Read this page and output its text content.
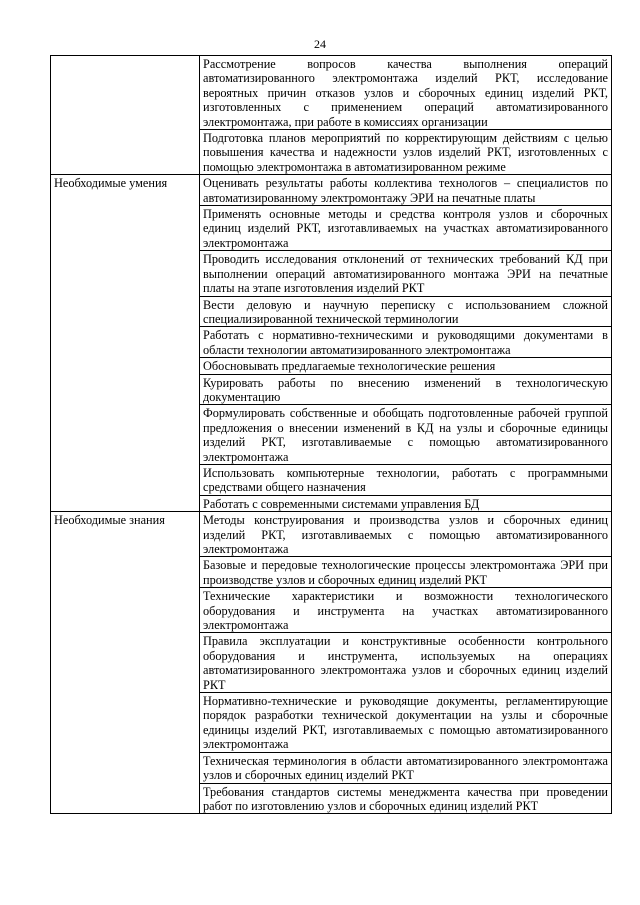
24
	Рассмотрение вопросов качества выполнения операций автоматизированного электромонтажа изделий РКТ, исследование вероятных причин отказов узлов и сборочных единиц изделий РКТ, изготовленных с применением операций автоматизированного электромонтажа, при работе в комиссиях организации
	Подготовка планов мероприятий по корректирующим действиям с целью повышения качества и надежности узлов изделий РКТ, изготовленных с помощью электромонтажа в автоматизированном режиме
Необходимые умения	Оценивать результаты работы коллектива технологов – специалистов по автоматизированному электромонтажу ЭРИ на печатные платы
	Применять основные методы и средства контроля узлов и сборочных единиц изделий РКТ, изготавливаемых на участках автоматизированного электромонтажа
	Проводить исследования отклонений от технических требований КД при выполнении операций автоматизированного монтажа ЭРИ на печатные платы на этапе изготовления изделий РКТ
	Вести деловую и научную переписку с использованием сложной специализированной технической терминологии
	Работать с нормативно-техническими и руководящими документами в области технологии автоматизированного электромонтажа
	Обосновывать предлагаемые технологические решения
	Курировать работы по внесению изменений в технологическую документацию
	Формулировать собственные и обобщать подготовленные рабочей группой предложения о внесении изменений в КД на узлы и сборочные единицы изделий РКТ, изготавливаемые с помощью автоматизированного электромонтажа
	Использовать компьютерные технологии, работать с программными средствами общего назначения
	Работать с современными системами управления БД
Необходимые знания	Методы конструирования и производства узлов и сборочных единиц изделий РКТ, изготавливаемых с помощью автоматизированного электромонтажа
	Базовые и передовые технологические процессы электромонтажа ЭРИ при производстве узлов и сборочных единиц изделий РКТ
	Технические характеристики и возможности технологического оборудования и инструмента на участках автоматизированного электромонтажа
	Правила эксплуатации и конструктивные особенности контрольного оборудования и инструмента, используемых на операциях автоматизированного электромонтажа узлов и сборочных единиц изделий РКТ
	Нормативно-технические и руководящие документы, регламентирующие порядок разработки технической документации на узлы и сборочные единицы изделий РКТ, изготавливаемых с помощью автоматизированного электромонтажа
	Техническая терминология в области автоматизированного электромонтажа узлов и сборочных единиц изделий РКТ
	Требования стандартов системы менеджмента качества при проведении работ по изготовлению узлов и сборочных единиц изделий РКТ
